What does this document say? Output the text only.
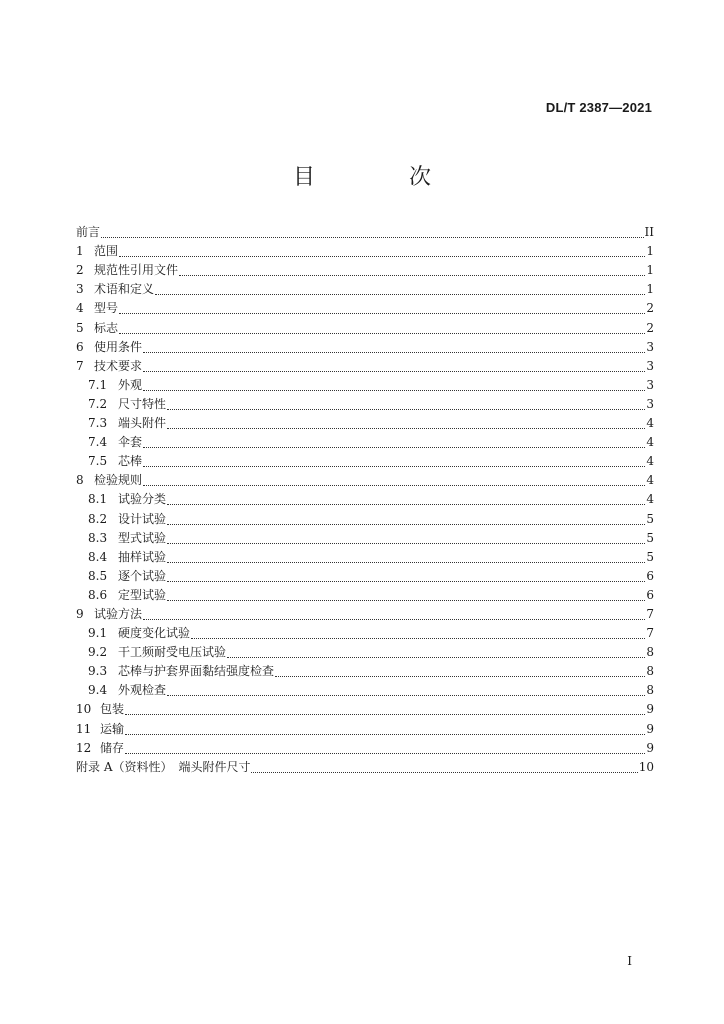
DL/T 2387—2021
目　次
前言	II
1 范围	1
2 规范性引用文件	1
3 术语和定义	1
4 型号	2
5 标志	2
6 使用条件	3
7 技术要求	3
7.1 外观	3
7.2 尺寸特性	3
7.3 端头附件	4
7.4 伞套	4
7.5 芯棒	4
8 检验规则	4
8.1 试验分类	4
8.2 设计试验	5
8.3 型式试验	5
8.4 抽样试验	5
8.5 逐个试验	6
8.6 定型试验	6
9 试验方法	7
9.1 硬度变化试验	7
9.2 干工频耐受电压试验	8
9.3 芯棒与护套界面黏结强度检查	8
9.4 外观检查	8
10 包装	9
11 运输	9
12 储存	9
附录 A（资料性）　端头附件尺寸	10
I
